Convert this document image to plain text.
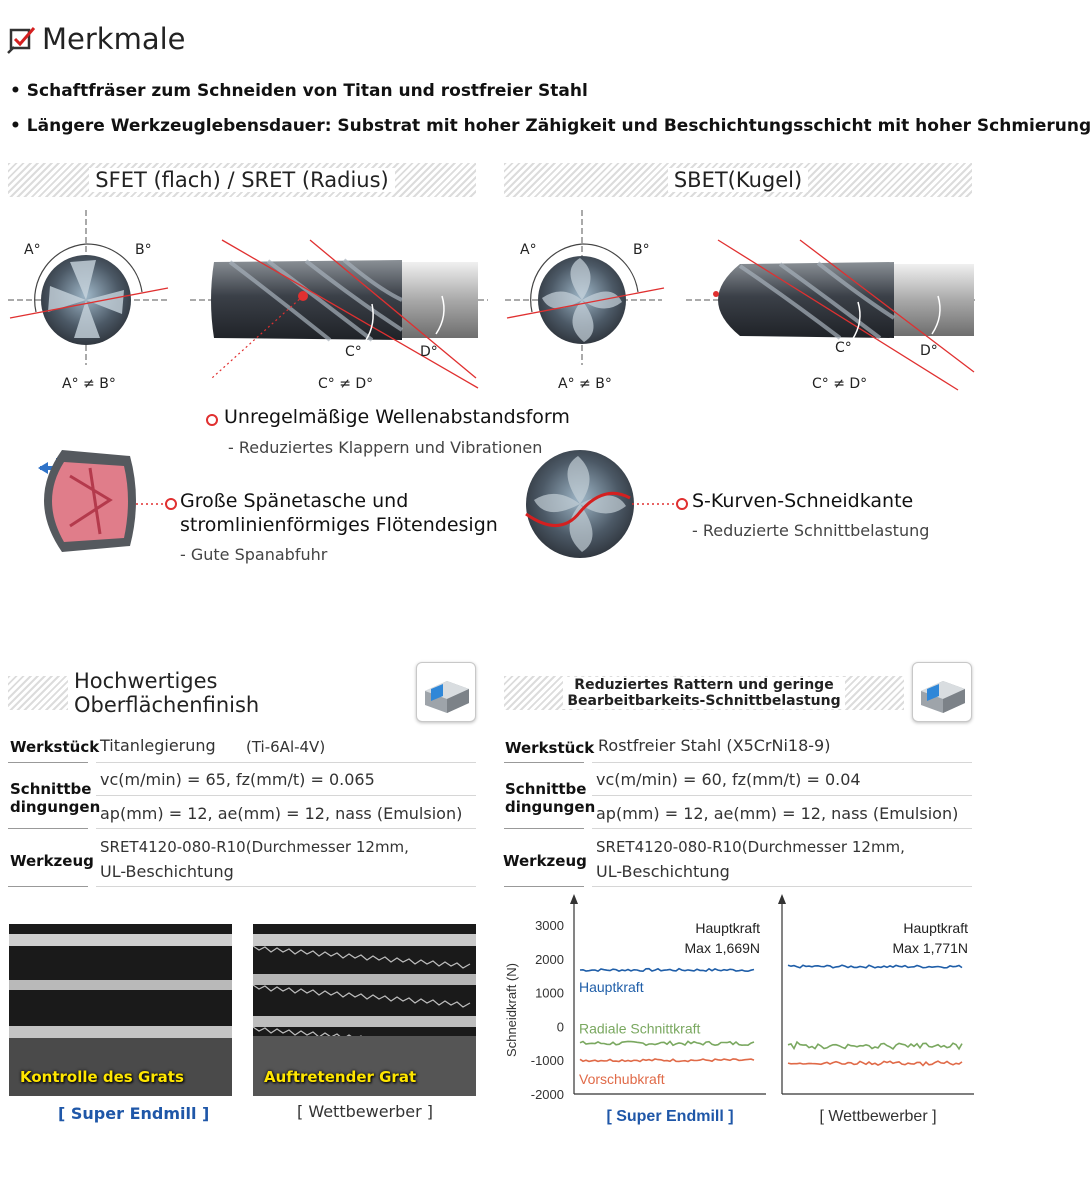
Merkmale
• Schaftfräser zum Schneiden von Titan und rostfreier Stahl
• Längere Werkzeuglebensdauer: Substrat mit hoher Zähigkeit und Beschichtungsschicht mit hoher Schmierung
SFET (flach) / SRET (Radius)	SBET(Kugel)
A°	B°
A° ≠ B°
C°	D°
C° ≠ D°
A°	B°
A° ≠ B°
C°	D°
C° ≠ D°
Unregelmäßige Wellenabstandsform
- Reduziertes Klappern und Vibrationen
Große Spänetasche und
stromlinienförmiges Flötendesign
- Gute Spanabfuhr
S-Kurven-Schneidkante
- Reduzierte Schnittbelastung
Hochwertiges Oberflächenfinish
Werkstück Titanlegierung (Ti-6Al-4V)
Schnittbe
dingungen
vc(m/min) = 65, fz(mm/t) = 0.065
ap(mm) = 12, ae(mm) = 12, nass (Emulsion)
Werkzeug
SRET4120-080-R10(Durchmesser 12mm,
UL-Beschichtung
Kontrolle des Grats
[ Super Endmill ]
Auftretender Grat
[ Wettbewerber ]
Reduziertes Rattern und geringe
Bearbeitbarkeits-Schnittbelastung
Werkstück Rostfreier Stahl (X5CrNi18-9)
Schnittbe
dingungen
vc(m/min) = 60, fz(mm/t) = 0.04
ap(mm) = 12, ae(mm) = 12, nass (Emulsion)
Werkzeug
SRET4120-080-R10(Durchmesser 12mm,
UL-Beschichtung
Schneidkraft (N)
3000
2000
1000
0
-1000
-2000
Hauptkraft
Max 1,669N
Hauptkraft
Radiale Schnittkraft
Vorschubkraft
[ Super Endmill ]
Hauptkraft
Max 1,771N
[ Wettbewerber ]
